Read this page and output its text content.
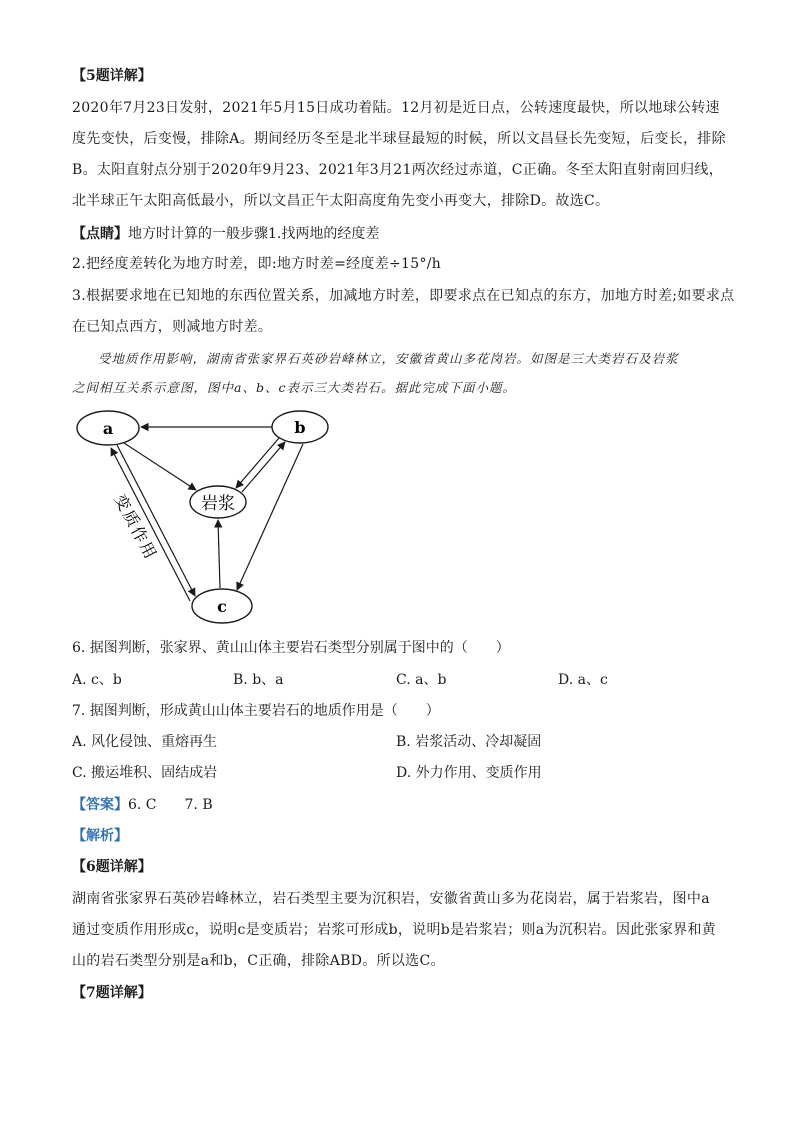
【5题详解】
2020年7月23日发射，2021年5月15日成功着陆。12月初是近日点，公转速度最快，所以地球公转速
度先变快，后变慢，排除A。期间经历冬至是北半球昼最短的时候，所以文昌昼长先变短，后变长，排除
B。太阳直射点分别于2020年9月23、2021年3月21两次经过赤道，C正确。冬至太阳直射南回归线，
北半球正午太阳高低最小，所以文昌正午太阳高度角先变小再变大，排除D。故选C。
【点睛】地方时计算的一般步骤1.找两地的经度差
2.把经度差转化为地方时差，即:地方时差=经度差÷15°/h
3.根据要求地在已知地的东西位置关系，加减地方时差，即要求点在已知点的东方，加地方时差;如要求点
在已知点西方，则减地方时差。
受地质作用影响，湖南省张家界石英砂岩峰林立，安徽省黄山多花岗岩。如图是三大类岩石及岩浆
之间相互关系示意图，图中a、b、c表示三大类岩石。据此完成下面小题。
a	b
岩浆
c
变
质
作
用
6. 据图判断，张家界、黄山山体主要岩石类型分别属于图中的（　　）
A. c、b	B. b、a	C. a、b	D. a、c
7. 据图判断，形成黄山山体主要岩石的地质作用是（　　）
A. 风化侵蚀、重熔再生	B. 岩浆活动、冷却凝固
C. 搬运堆积、固结成岩	D. 外力作用、变质作用
【答案】6. C　　7. B
【解析】
【6题详解】
湖南省张家界石英砂岩峰林立，岩石类型主要为沉积岩，安徽省黄山多为花岗岩，属于岩浆岩，图中a
通过变质作用形成c，说明c是变质岩；岩浆可形成b，说明b是岩浆岩；则a为沉积岩。因此张家界和黄
山的岩石类型分别是a和b，C正确，排除ABD。所以选C。
【7题详解】
